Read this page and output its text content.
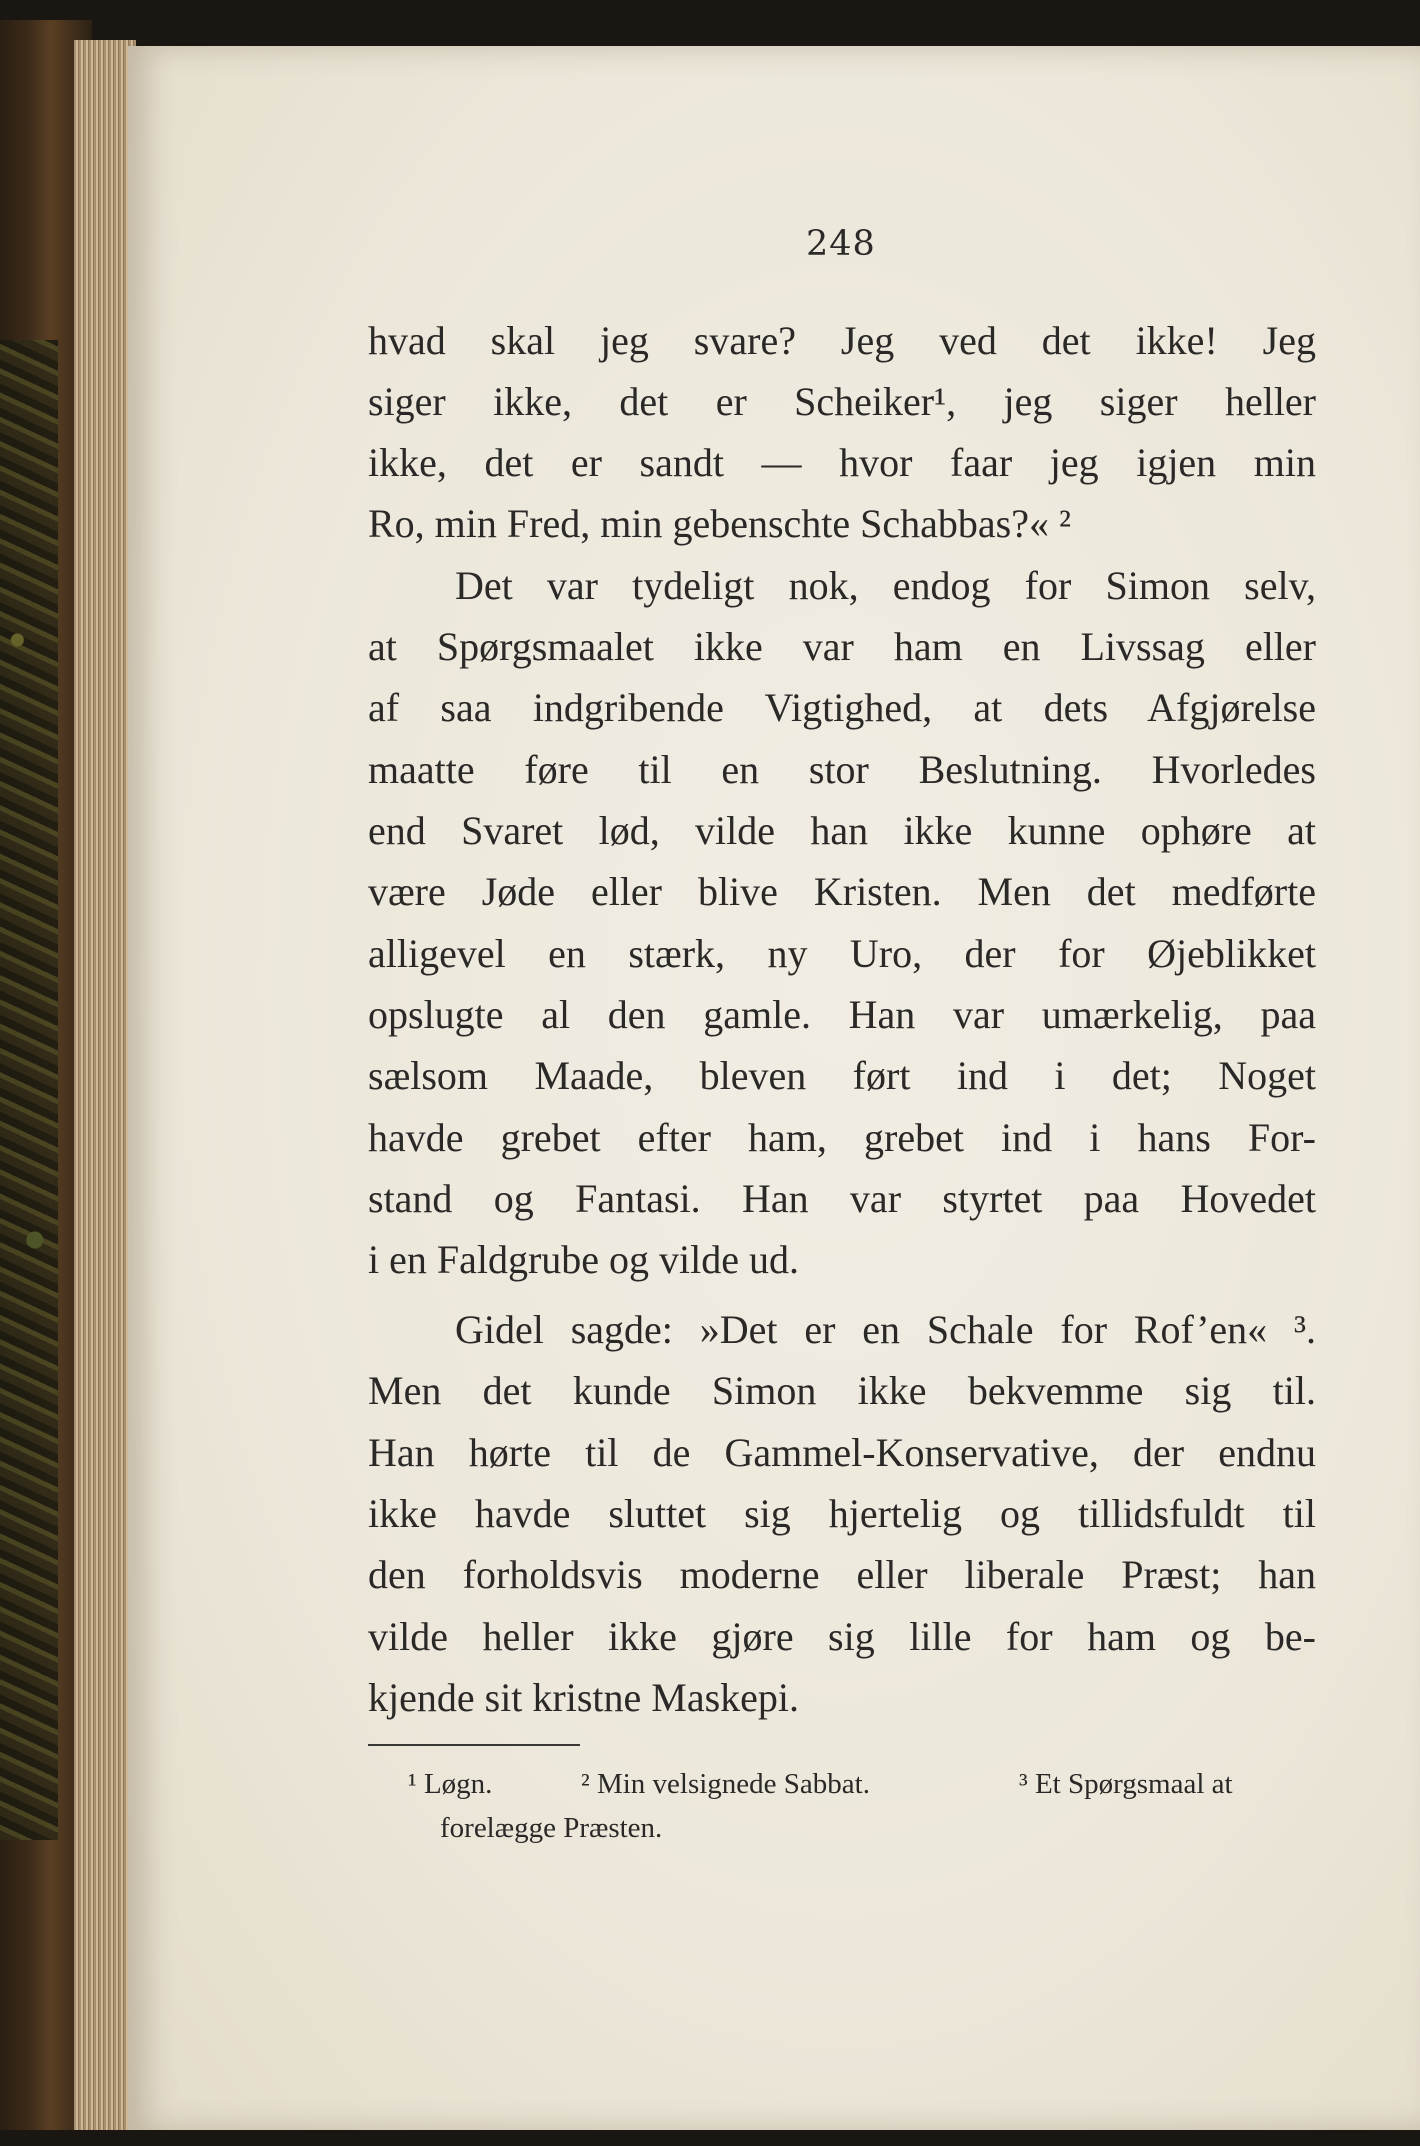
248
hvad skal jeg svare? Jeg ved det ikke! Jeg
siger ikke, det er Scheiker¹, jeg siger heller
ikke, det er sandt — hvor faar jeg igjen min
Ro, min Fred, min gebenschte Schabbas?« ²
Det var tydeligt nok, endog for Simon selv,
at Spørgsmaalet ikke var ham en Livssag eller
af saa indgribende Vigtighed, at dets Afgjørelse
maatte føre til en stor Beslutning. Hvorledes
end Svaret lød, vilde han ikke kunne ophøre at
være Jøde eller blive Kristen. Men det medførte
alligevel en stærk, ny Uro, der for Øjeblikket
opslugte al den gamle. Han var umærkelig, paa
sælsom Maade, bleven ført ind i det; Noget
havde grebet efter ham, grebet ind i hans For-
stand og Fantasi. Han var styrtet paa Hovedet
i en Faldgrube og vilde ud.
Gidel sagde: »Det er en Schale for Rof’en« ³.
Men det kunde Simon ikke bekvemme sig til.
Han hørte til de Gammel-Konservative, der endnu
ikke havde sluttet sig hjertelig og tillidsfuldt til
den forholdsvis moderne eller liberale Præst; han
vilde heller ikke gjøre sig lille for ham og be-
kjende sit kristne Maskepi.
¹ Løgn.	² Min velsignede Sabbat.	³ Et Spørgsmaal at
forelægge Præsten.
